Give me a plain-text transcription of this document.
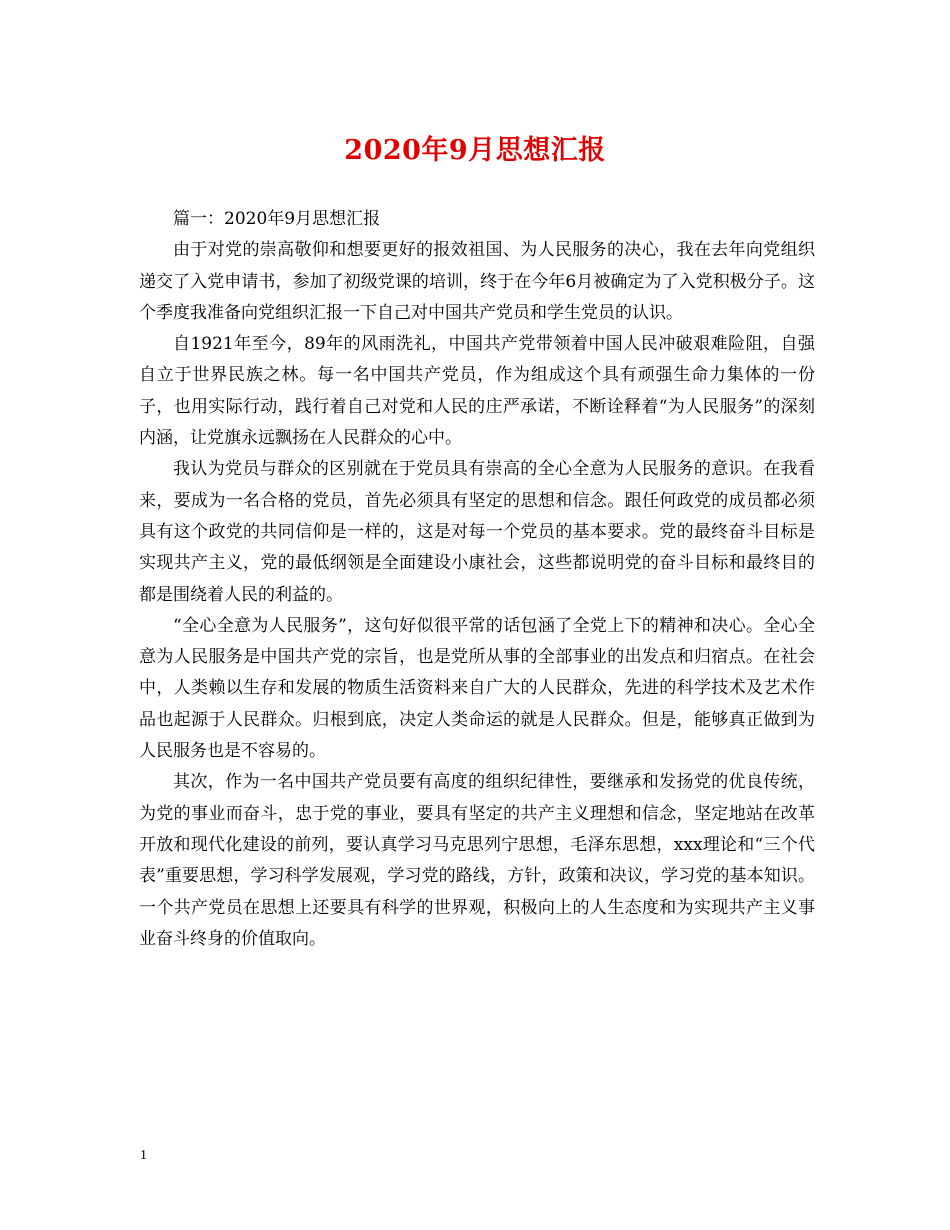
2020年9月思想汇报

篇一：2020年9月思想汇报

由于对党的崇高敬仰和想要更好的报效祖国、为人民服务的决心，我在去年向党组织递交了入党申请书，参加了初级党课的培训，终于在今年6月被确定为了入党积极分子。这个季度我准备向党组织汇报一下自己对中国共产党员和学生党员的认识。

自1921年至今，89年的风雨洗礼，中国共产党带领着中国人民冲破艰难险阻，自强自立于世界民族之林。每一名中国共产党员，作为组成这个具有顽强生命力集体的一份子，也用实际行动，践行着自己对党和人民的庄严承诺，不断诠释着“为人民服务”的深刻内涵，让党旗永远飘扬在人民群众的心中。

我认为党员与群众的区别就在于党员具有崇高的全心全意为人民服务的意识。在我看来，要成为一名合格的党员，首先必须具有坚定的思想和信念。跟任何政党的成员都必须具有这个政党的共同信仰是一样的，这是对每一个党员的基本要求。党的最终奋斗目标是实现共产主义，党的最低纲领是全面建设小康社会，这些都说明党的奋斗目标和最终目的都是围绕着人民的利益的。

“全心全意为人民服务”，这句好似很平常的话包涵了全党上下的精神和决心。全心全意为人民服务是中国共产党的宗旨，也是党所从事的全部事业的出发点和归宿点。在社会中，人类赖以生存和发展的物质生活资料来自广大的人民群众，先进的科学技术及艺术作品也起源于人民群众。归根到底，决定人类命运的就是人民群众。但是，能够真正做到为人民服务也是不容易的。

其次，作为一名中国共产党员要有高度的组织纪律性，要继承和发扬党的优良传统，为党的事业而奋斗，忠于党的事业，要具有坚定的共产主义理想和信念，坚定地站在改革开放和现代化建设的前列，要认真学习马克思列宁思想，毛泽东思想，xxx理论和“三个代表”重要思想，学习科学发展观，学习党的路线，方针，政策和决议，学习党的基本知识。一个共产党员在思想上还要具有科学的世界观，积极向上的人生态度和为实现共产主义事业奋斗终身的价值取向。

1
